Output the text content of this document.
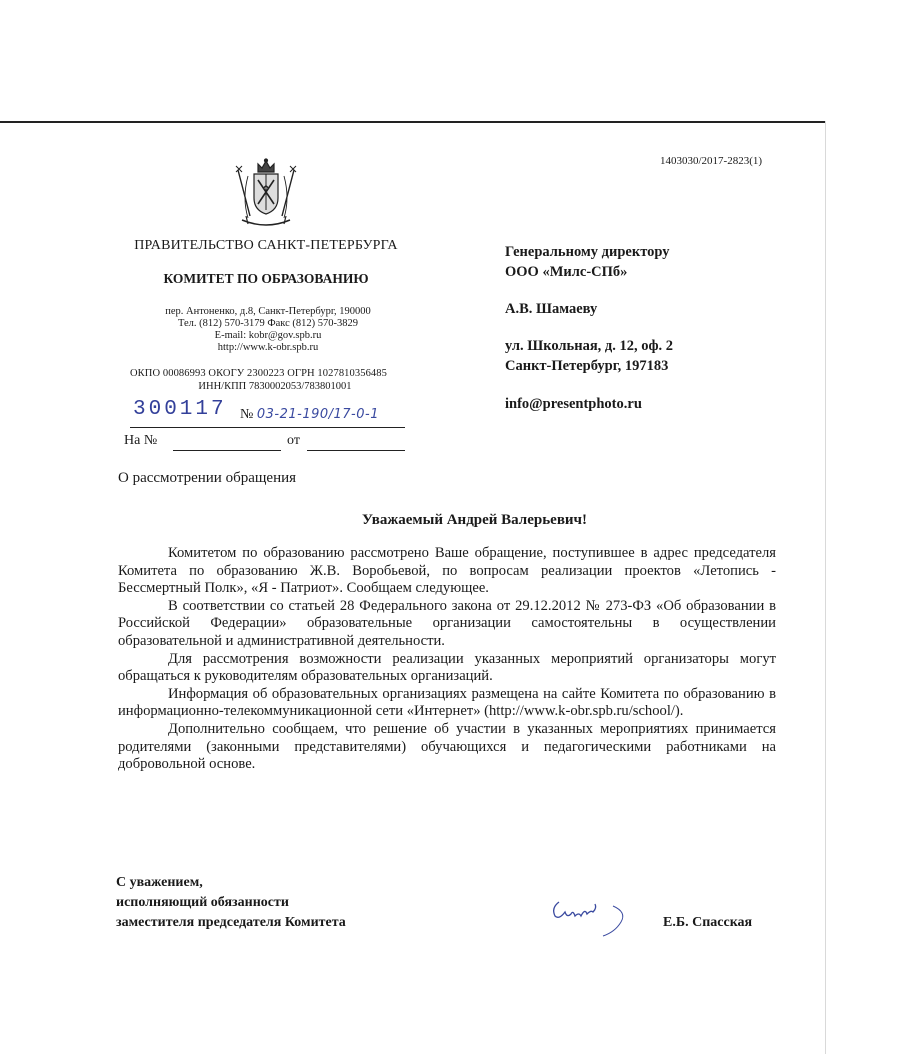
1403030/2017-2823(1)
ПРАВИТЕЛЬСТВО САНКТ-ПЕТЕРБУРГА
КОМИТЕТ ПО ОБРАЗОВАНИЮ
пер. Антоненко, д.8, Санкт-Петербург, 190000
Тел. (812) 570-3179 Факс (812) 570-3829
E-mail: kobr@gov.spb.ru
http://www.k-obr.spb.ru
ОКПО 00086993 ОКОГУ 2300223 ОГРН 1027810356485
ИНН/КПП 7830002053/783801001
300117 № 03-21-190/17-0-1
На №	от
О рассмотрении обращения
Генеральному директору
ООО «Милс-СПб»
А.В. Шамаеву
ул. Школьная, д. 12, оф. 2
Санкт-Петербург, 197183
info@presentphoto.ru
Уважаемый Андрей Валерьевич!

Комитетом по образованию рассмотрено Ваше обращение, поступившее в адрес председателя Комитета по образованию Ж.В. Воробьевой, по вопросам реализации проектов «Летопись - Бессмертный Полк», «Я - Патриот». Сообщаем следующее.

В соответствии со статьей 28 Федерального закона от 29.12.2012 № 273-ФЗ «Об образовании в Российской Федерации» образовательные организации самостоятельны в осуществлении образовательной и административной деятельности.

Для рассмотрения возможности реализации указанных мероприятий организаторы могут обращаться к руководителям образовательных организаций.

Информация об образовательных организациях размещена на сайте Комитета по образованию в информационно-телекоммуникационной сети «Интернет» (http://www.k-obr.spb.ru/school/).

Дополнительно сообщаем, что решение об участии в указанных мероприятиях принимается родителями (законными представителями) обучающихся и педагогическими работниками на добровольной основе.

С уважением,
исполняющий обязанности
заместителя председателя Комитета	Е.Б. Спасская
